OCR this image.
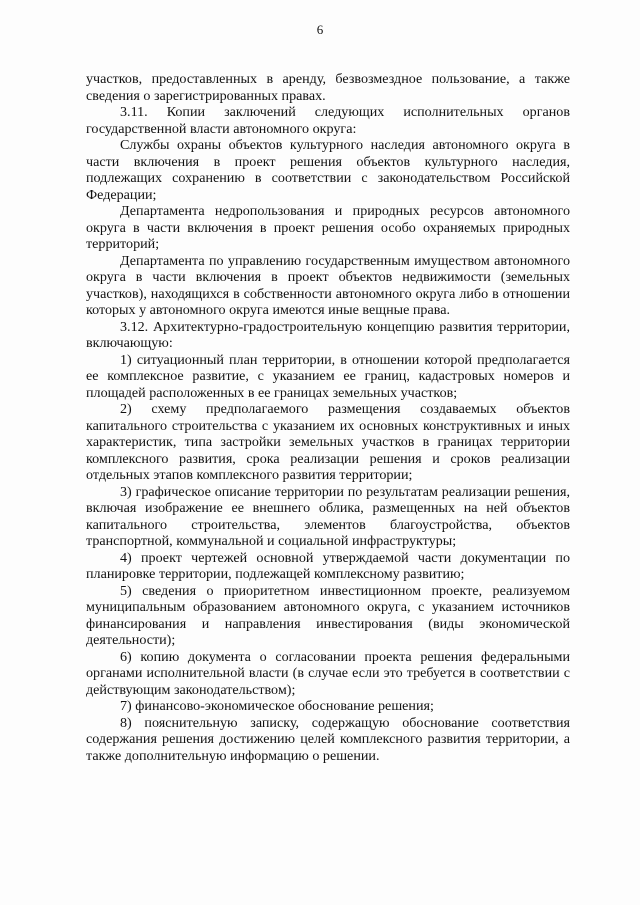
6

участков, предоставленных в аренду, безвозмездное пользование, а также сведения о зарегистрированных правах.

3.11. Копии заключений следующих исполнительных органов государственной власти автономного округа:

Службы охраны объектов культурного наследия автономного округа в части включения в проект решения объектов культурного наследия, подлежащих сохранению в соответствии с законодательством Российской Федерации;

Департамента недропользования и природных ресурсов автономного округа в части включения в проект решения особо охраняемых природных территорий;

Департамента по управлению государственным имуществом автономного округа в части включения в проект объектов недвижимости (земельных участков), находящихся в собственности автономного округа либо в отношении которых у автономного округа имеются иные вещные права.

3.12. Архитектурно-градостроительную концепцию развития территории, включающую:

1) ситуационный план территории, в отношении которой предполагается ее комплексное развитие, с указанием ее границ, кадастровых номеров и площадей расположенных в ее границах земельных участков;

2) схему предполагаемого размещения создаваемых объектов капитального строительства с указанием их основных конструктивных и иных характеристик, типа застройки земельных участков в границах территории комплексного развития, срока реализации решения и сроков реализации отдельных этапов комплексного развития территории;

3) графическое описание территории по результатам реализации решения, включая изображение ее внешнего облика, размещенных на ней объектов капитального строительства, элементов благоустройства, объектов транспортной, коммунальной и социальной инфраструктуры;

4) проект чертежей основной утверждаемой части документации по планировке территории, подлежащей комплексному развитию;

5) сведения о приоритетном инвестиционном проекте, реализуемом муниципальным образованием автономного округа, с указанием источников финансирования и направления инвестирования (виды экономической деятельности);

6) копию документа о согласовании проекта решения федеральными органами исполнительной власти (в случае если это требуется в соответствии с действующим законодательством);

7) финансово-экономическое обоснование решения;

8) пояснительную записку, содержащую обоснование соответствия содержания решения достижению целей комплексного развития территории, а также дополнительную информацию о решении.
